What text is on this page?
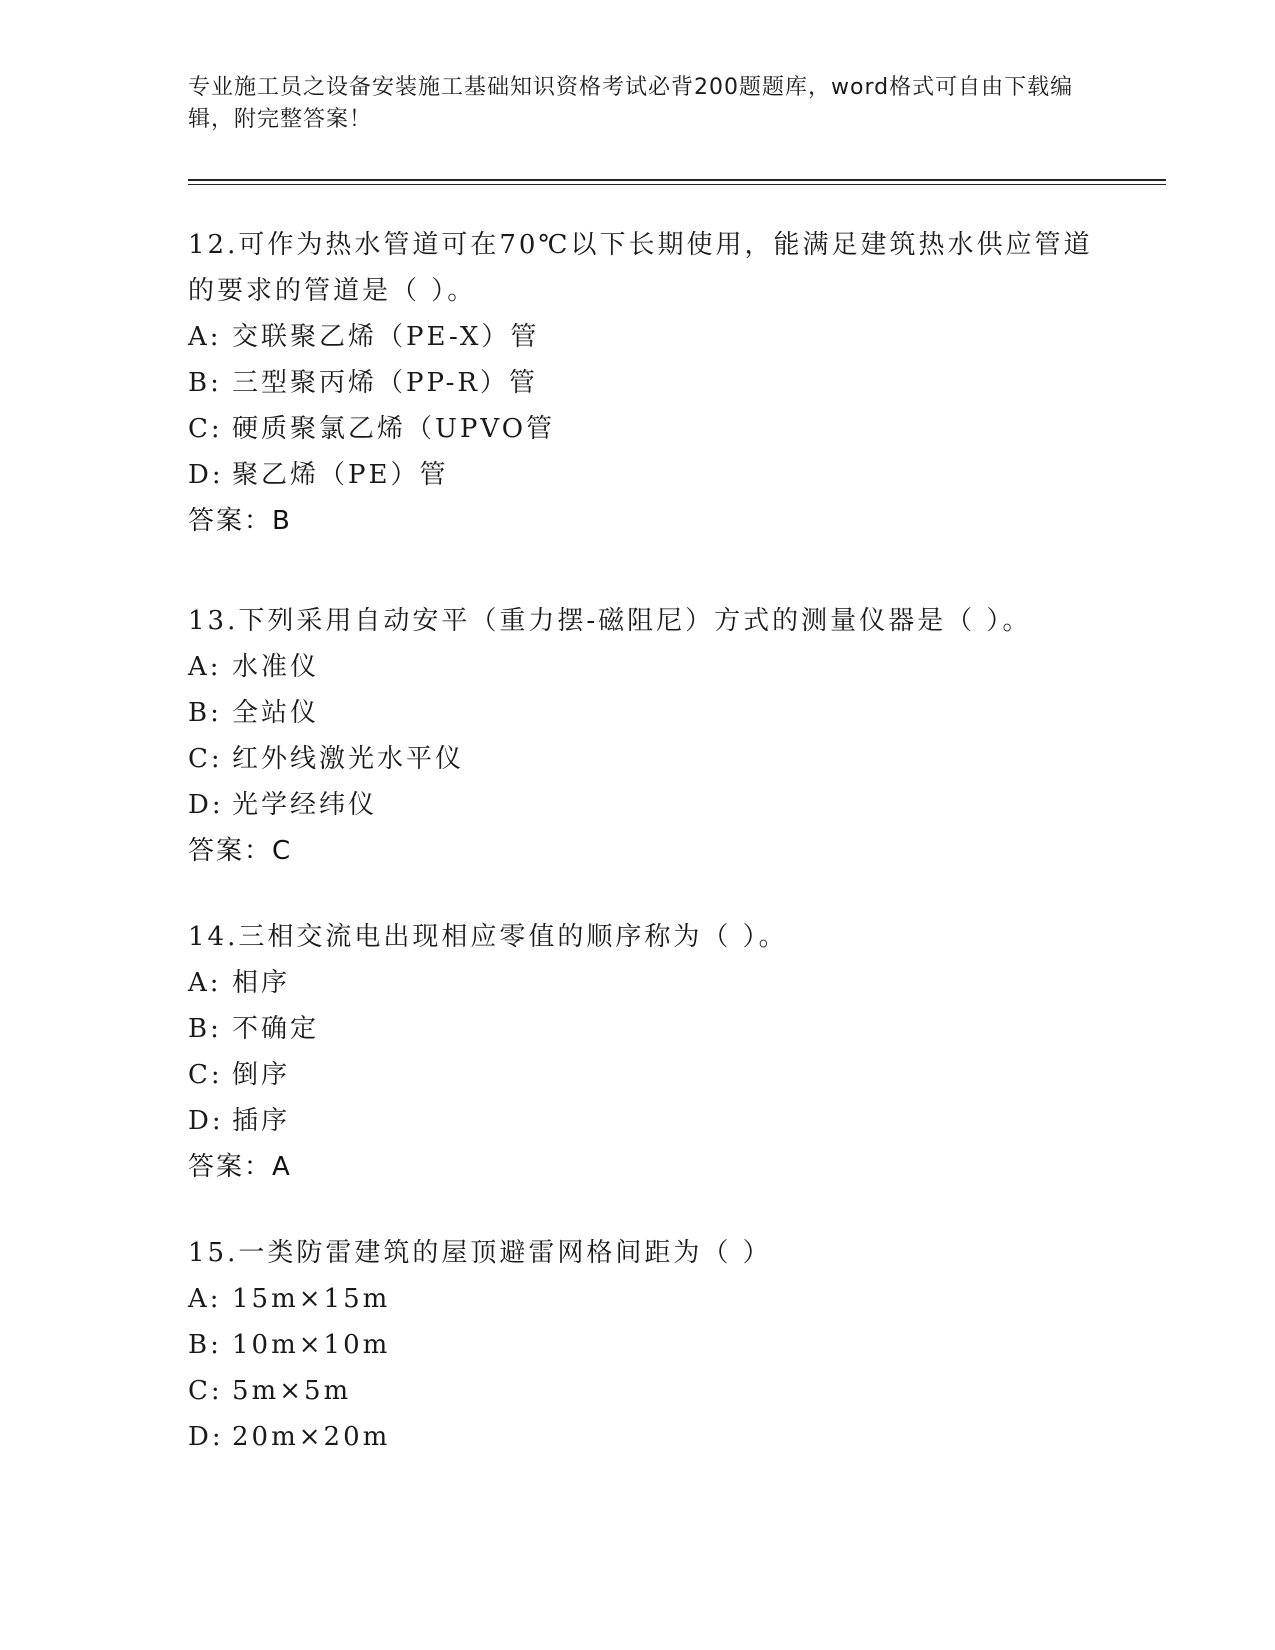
专业施工员之设备安装施工基础知识资格考试必背200题题库，word格式可自由下载编辑，附完整答案！
12.可作为热水管道可在70℃以下长期使用，能满足建筑热水供应管道的要求的管道是（ ）。
A: 交联聚乙烯（PE-X）管
B: 三型聚丙烯（PP-R）管
C: 硬质聚氯乙烯（UPVO管
D: 聚乙烯（PE）管
答案：B
13.下列采用自动安平（重力摆-磁阻尼）方式的测量仪器是（ ）。
A: 水准仪
B: 全站仪
C: 红外线激光水平仪
D: 光学经纬仪
答案：C
14.三相交流电出现相应零值的顺序称为（ ）。
A: 相序
B: 不确定
C: 倒序
D: 插序
答案：A
15.一类防雷建筑的屋顶避雷网格间距为（ ）
A: 15m×15m
B: 10m×10m
C: 5m×5m
D: 20m×20m
